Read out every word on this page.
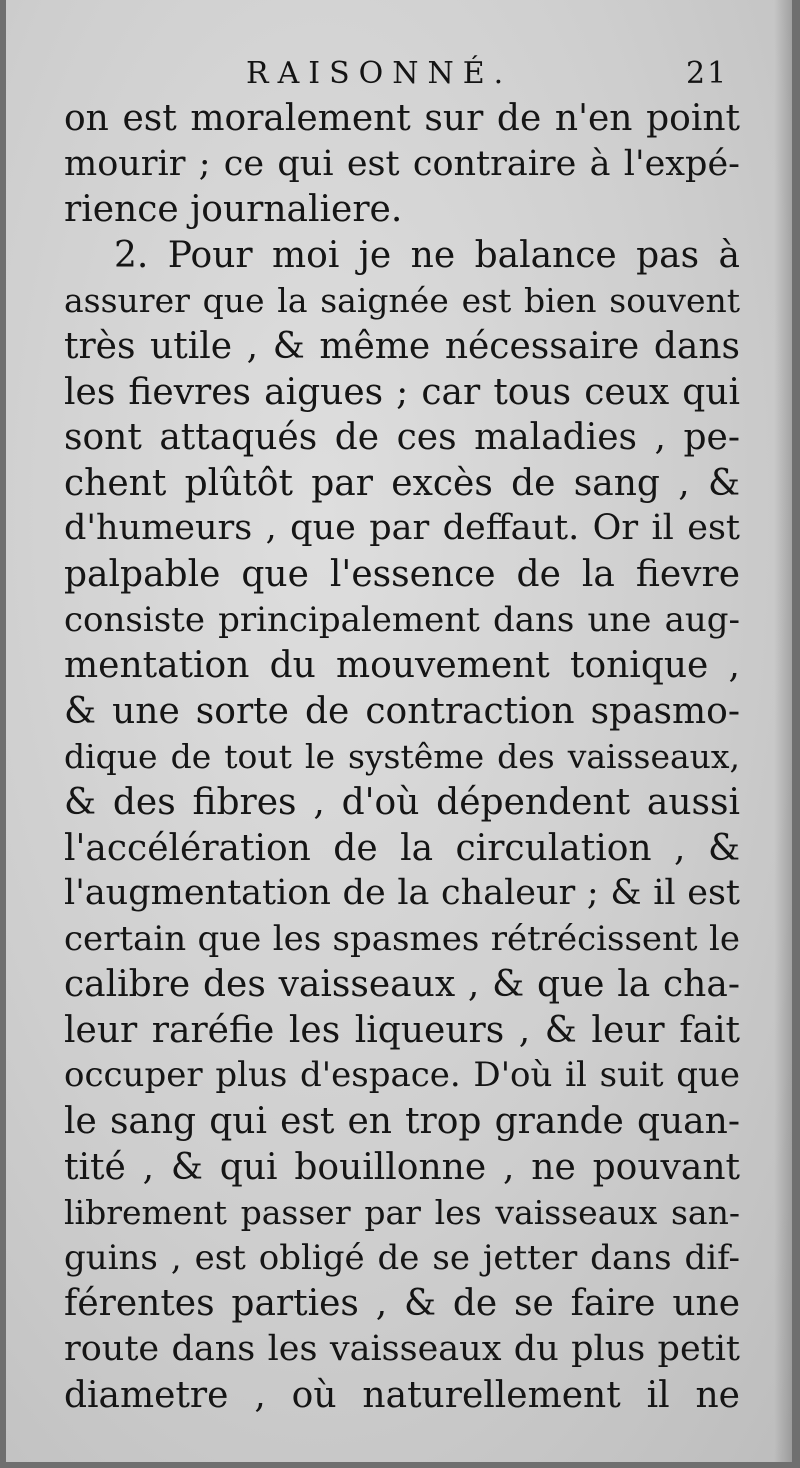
RAISONNÉ.	21
on est moralement sur de n'en point
mourir ; ce qui est contraire à l'expé-
rience journaliere.
2. Pour moi je ne balance pas à
assurer que la saignée est bien souvent
très utile , & même nécessaire dans
les fievres aigues ; car tous ceux qui
sont attaqués de ces maladies , pe-
chent plûtôt par excès de sang , &
d'humeurs , que par deffaut. Or il est
palpable que l'essence de la fievre
consiste principalement dans une aug-
mentation du mouvement tonique ,
& une sorte de contraction spasmo-
dique de tout le systême des vaisseaux,
& des fibres , d'où dépendent aussi
l'accélération de la circulation , &
l'augmentation de la chaleur ; & il est
certain que les spasmes rétrécissent le
calibre des vaisseaux , & que la cha-
leur raréfie les liqueurs , & leur fait
occuper plus d'espace. D'où il suit que
le sang qui est en trop grande quan-
tité , & qui bouillonne , ne pouvant
librement passer par les vaisseaux san-
guins , est obligé de se jetter dans dif-
férentes parties , & de se faire une
route dans les vaisseaux du plus petit
diametre , où naturellement il ne
